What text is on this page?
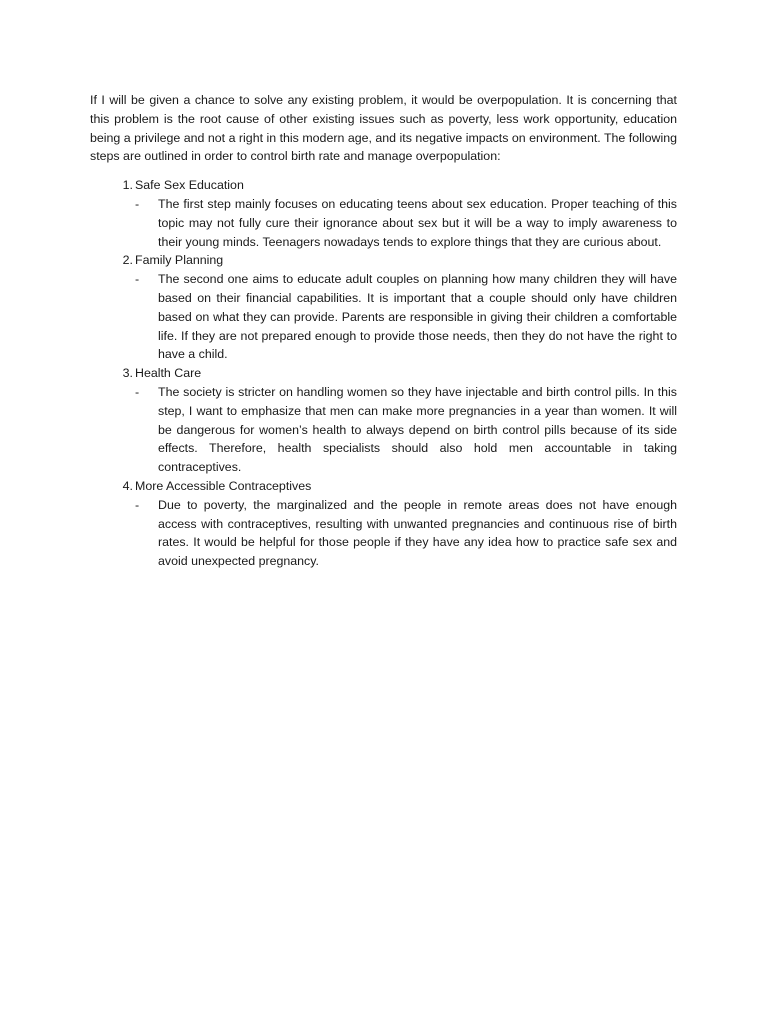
If I will be given a chance to solve any existing problem, it would be overpopulation. It is concerning that this problem is the root cause of other existing issues such as poverty, less work opportunity, education being a privilege and not a right in this modern age, and its negative impacts on environment. The following steps are outlined in order to control birth rate and manage overpopulation:

1. Safe Sex Education
-	The first step mainly focuses on educating teens about sex education. Proper teaching of this topic may not fully cure their ignorance about sex but it will be a way to imply awareness to their young minds. Teenagers nowadays tends to explore things that they are curious about.
2. Family Planning
-	The second one aims to educate adult couples on planning how many children they will have based on their financial capabilities. It is important that a couple should only have children based on what they can provide. Parents are responsible in giving their children a comfortable life. If they are not prepared enough to provide those needs, then they do not have the right to have a child.
3. Health Care
-	The society is stricter on handling women so they have injectable and birth control pills. In this step, I want to emphasize that men can make more pregnancies in a year than women. It will be dangerous for women’s health to always depend on birth control pills because of its side effects. Therefore, health specialists should also hold men accountable in taking contraceptives.
4. More Accessible Contraceptives
-	Due to poverty, the marginalized and the people in remote areas does not have enough access with contraceptives, resulting with unwanted pregnancies and continuous rise of birth rates. It would be helpful for those people if they have any idea how to practice safe sex and avoid unexpected pregnancy.
